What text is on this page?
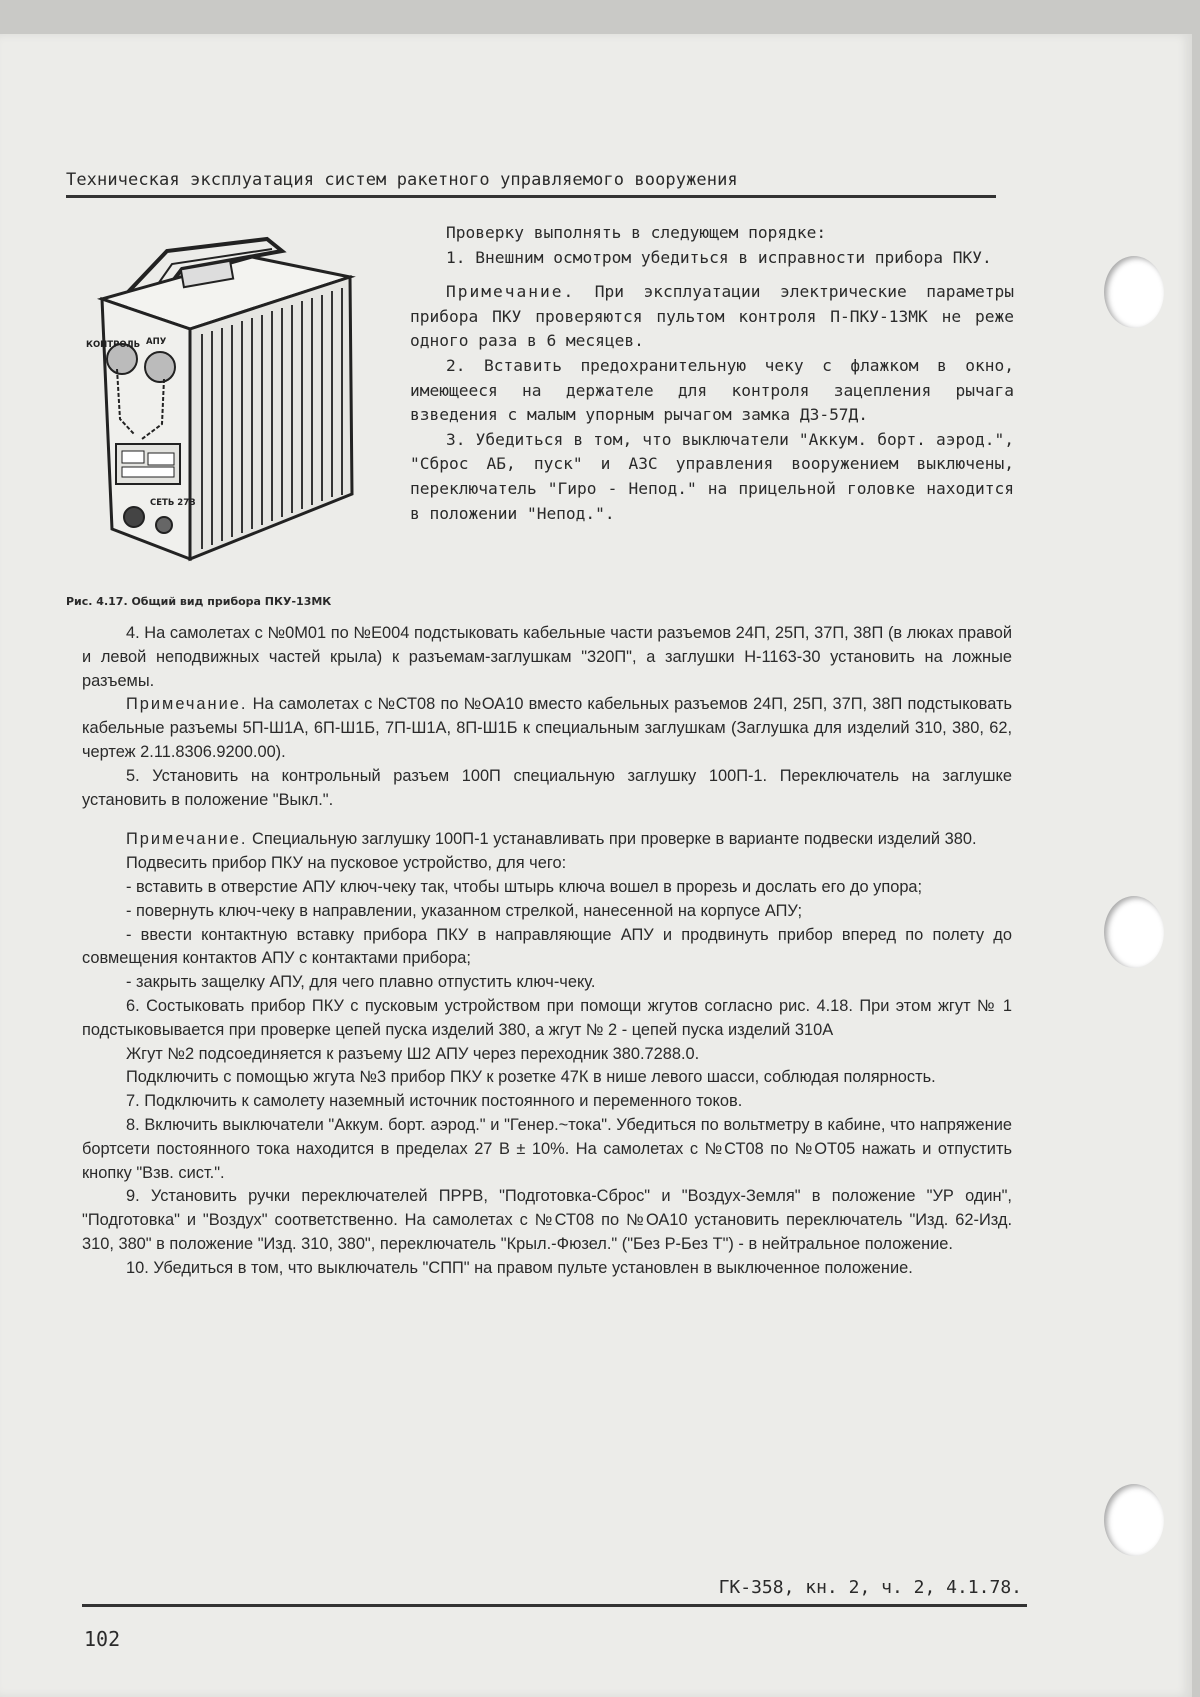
Техническая эксплуатация систем ракетного управляемого вооружения
КОНТРОЛЬ АПУ
СЕТЬ 27В
Рис. 4.17. Общий вид прибора ПКУ-13МК

Проверку выполнять в следующем порядке:

1. Внешним осмотром убедиться в исправности прибора ПКУ.

Примечание. При эксплуатации электрические параметры прибора ПКУ проверяются пультом контроля П-ПКУ-13МК не реже одного раза в 6 месяцев.

2. Вставить предохранительную чеку с флажком в окно, имеющееся на держателе для контроля зацепления рычага взведения с малым упорным рычагом замка ДЗ-57Д.

3. Убедиться в том, что выключатели "Аккум. борт. аэрод.", "Сброс АБ, пуск" и АЗС управления вооружением выключены, переключатель "Гиро - Непод." на прицельной головке находится в положении "Непод.".

4. На самолетах с №0М01 по №Е004 подстыковать кабельные части разъемов 24П, 25П, 37П, 38П (в люках правой и левой неподвижных частей крыла) к разъемам-заглушкам "320П", а заглушки Н-1163-30 установить на ложные разъемы.

Примечание. На самолетах с №СТ08 по №ОА10 вместо кабельных разъемов 24П, 25П, 37П, 38П подстыковать кабельные разъемы 5П-Ш1А, 6П-Ш1Б, 7П-Ш1А, 8П-Ш1Б к специальным заглушкам (Заглушка для изделий 310, 380, 62, чертеж 2.11.8306.9200.00).

5. Установить на контрольный разъем 100П специальную заглушку 100П-1. Переключатель на заглушке установить в положение "Выкл.".

Примечание. Специальную заглушку 100П-1 устанавливать при проверке в варианте подвески изделий 380.

Подвесить прибор ПКУ на пусковое устройство, для чего:

- вставить в отверстие АПУ ключ-чеку так, чтобы штырь ключа вошел в прорезь и дослать его до упора;

- повернуть ключ-чеку в направлении, указанном стрелкой, нанесенной на корпусе АПУ;

- ввести контактную вставку прибора ПКУ в направляющие АПУ и продвинуть прибор вперед по полету до совмещения контактов АПУ с контактами прибора;

- закрыть защелку АПУ, для чего плавно отпустить ключ-чеку.

6. Состыковать прибор ПКУ с пусковым устройством при помощи жгутов согласно рис. 4.18. При этом жгут № 1 подстыковывается при проверке цепей пуска изделий 380, а жгут № 2 - цепей пуска изделий 310А

Жгут №2 подсоединяется к разъему Ш2 АПУ через переходник 380.7288.0.

Подключить с помощью жгута №3 прибор ПКУ к розетке 47К в нише левого шасси, соблюдая полярность.

7. Подключить к самолету наземный источник постоянного и переменного токов.

8. Включить выключатели "Аккум. борт. аэрод." и "Генер.~тока". Убедиться по вольтметру в кабине, что напряжение бортсети постоянного тока находится в пределах 27 В ± 10%. На самолетах с №СТ08 по №ОТ05 нажать и отпустить кнопку "Взв. сист.".

9. Установить ручки переключателей ПРРВ, "Подготовка-Сброс" и "Воздух-Земля" в положение "УР один", "Подготовка" и "Воздух" соответственно. На самолетах с №СТ08 по №ОА10 установить переключатель "Изд. 62-Изд. 310, 380" в положение "Изд. 310, 380", переключатель "Крыл.-Фюзел." ("Без Р-Без Т") - в нейтральное положение.

10. Убедиться в том, что выключатель "СПП" на правом пульте установлен в выключенное положение.

ГК-358, кн. 2, ч. 2, 4.1.78.
102
